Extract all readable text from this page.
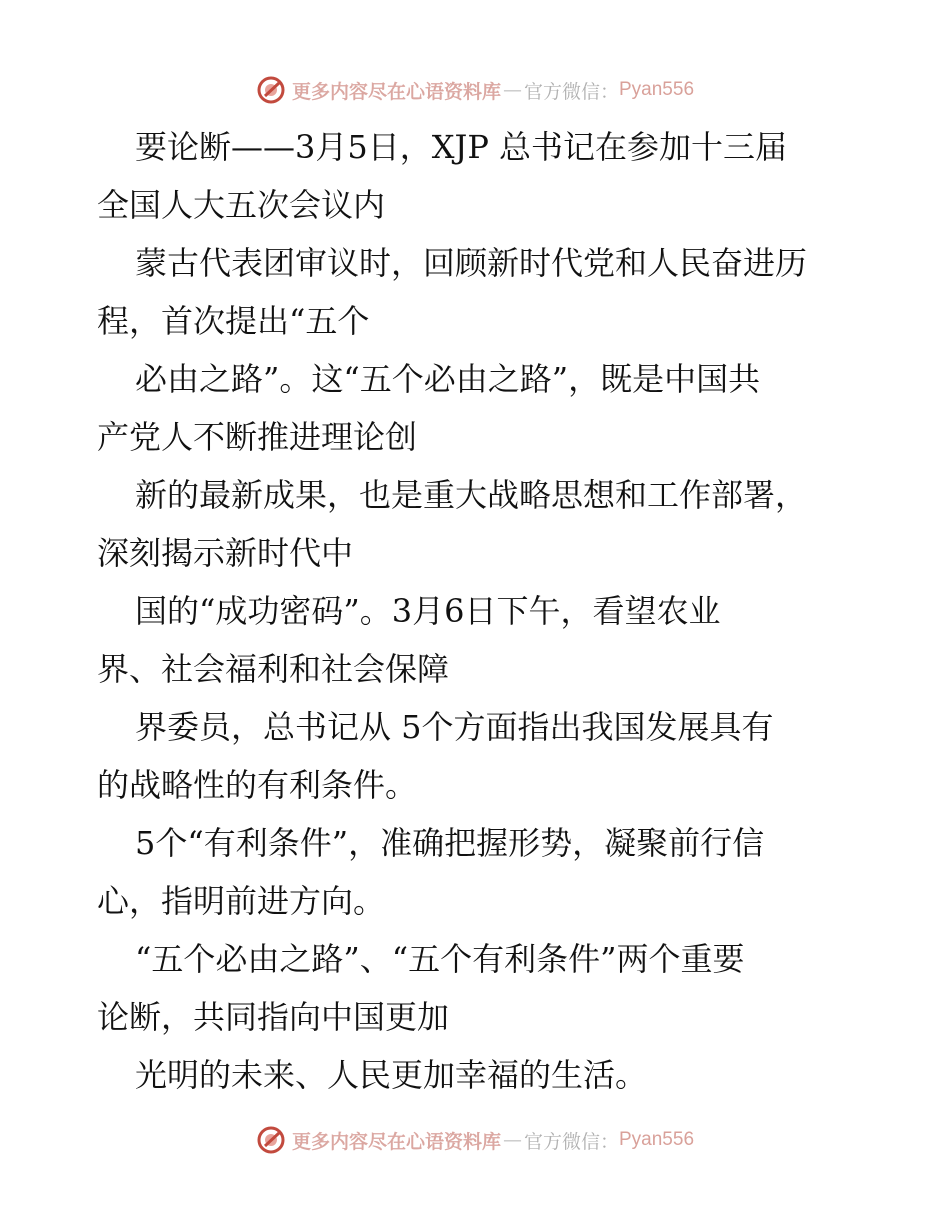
更多内容尽在心语资料库 — 官方微信： Pyan556

要论断——3月5日，XJP 总书记在参加十三届
全国人大五次会议内

蒙古代表团审议时，回顾新时代党和人民奋进历
程，首次提出“五个

必由之路”。这“五个必由之路”，既是中国共
产党人不断推进理论创

新的最新成果，也是重大战略思想和工作部署，
深刻揭示新时代中

国的“成功密码”。3月6日下午，看望农业
界、社会福利和社会保障

界委员，总书记从 5个方面指出我国发展具有
的战略性的有利条件。

5个“有利条件”，准确把握形势，凝聚前行信
心，指明前进方向。

“五个必由之路”、“五个有利条件”两个重要
论断，共同指向中国更加

光明的未来、人民更加幸福的生活。

更多内容尽在心语资料库 — 官方微信： Pyan556
